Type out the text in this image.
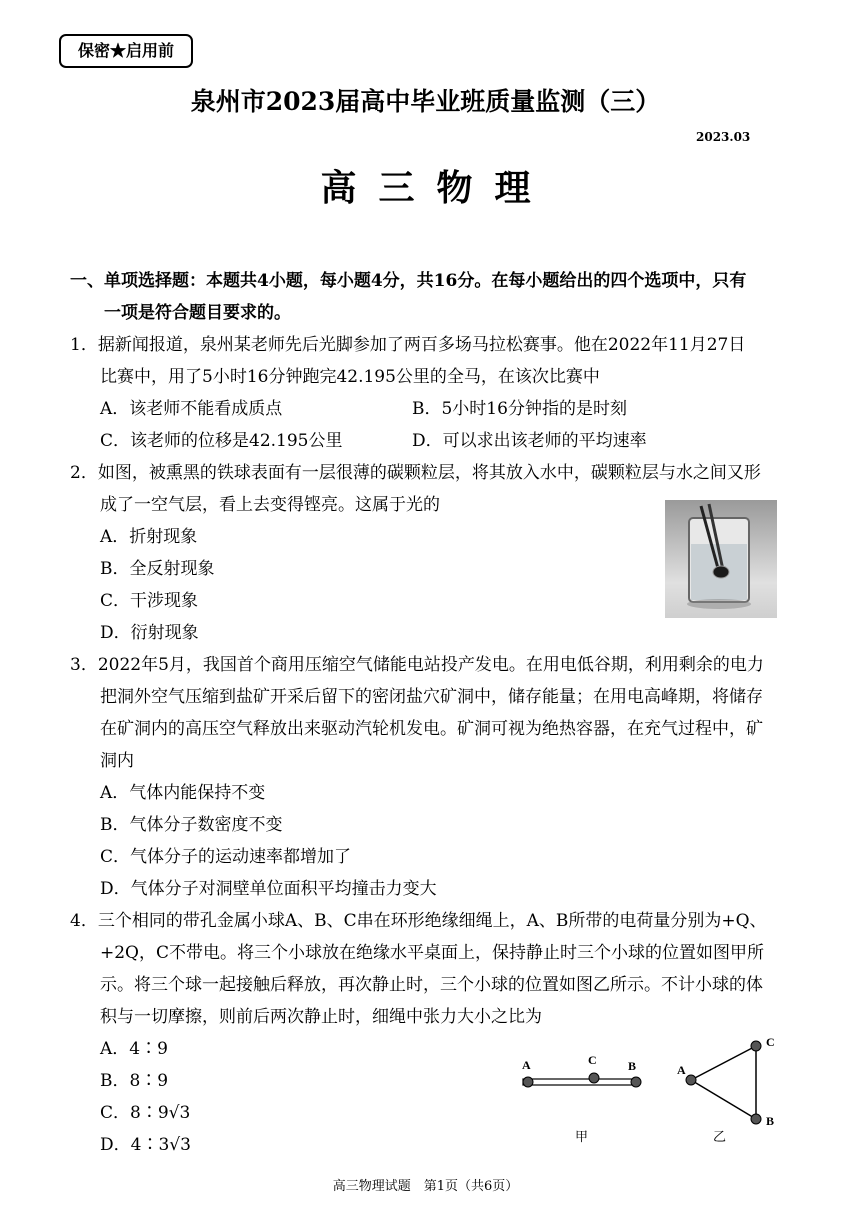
保密★启用前
泉州市2023届高中毕业班质量监测（三）
2023.03
高三物理
一、单项选择题：本题共4小题，每小题4分，共16分。在每小题给出的四个选项中，只有
一项是符合题目要求的。
1．据新闻报道，泉州某老师先后光脚参加了两百多场马拉松赛事。他在2022年11月27日
比赛中，用了5小时16分钟跑完42.195公里的全马，在该次比赛中
A．该老师不能看成质点	B．5小时16分钟指的是时刻
C．该老师的位移是42.195公里	D．可以求出该老师的平均速率
2．如图，被熏黑的铁球表面有一层很薄的碳颗粒层，将其放入水中，碳颗粒层与水之间又形
成了一空气层，看上去变得铿亮。这属于光的
A．折射现象
B．全反射现象
C．干涉现象
D．衍射现象
3．2022年5月，我国首个商用压缩空气储能电站投产发电。在用电低谷期，利用剩余的电力
把洞外空气压缩到盐矿开采后留下的密闭盐穴矿洞中，储存能量；在用电高峰期，将储存
在矿洞内的高压空气释放出来驱动汽轮机发电。矿洞可视为绝热容器，在充气过程中，矿
洞内
A．气体内能保持不变
B．气体分子数密度不变
C．气体分子的运动速率都增加了
D．气体分子对洞壁单位面积平均撞击力变大
4．三个相同的带孔金属小球A、B、C串在环形绝缘细绳上，A、B所带的电荷量分别为+Q、
+2Q，C不带电。将三个小球放在绝缘水平桌面上，保持静止时三个小球的位置如图甲所
示。将三个球一起接触后释放，再次静止时，三个小球的位置如图乙所示。不计小球的体
积与一切摩擦，则前后两次静止时，细绳中张力大小之比为
A．4∶9
B．8∶9
C．8∶9√3
D．4∶3√3
A	C	B
甲
A
C
B
乙
高三物理试题　第1页（共6页）
